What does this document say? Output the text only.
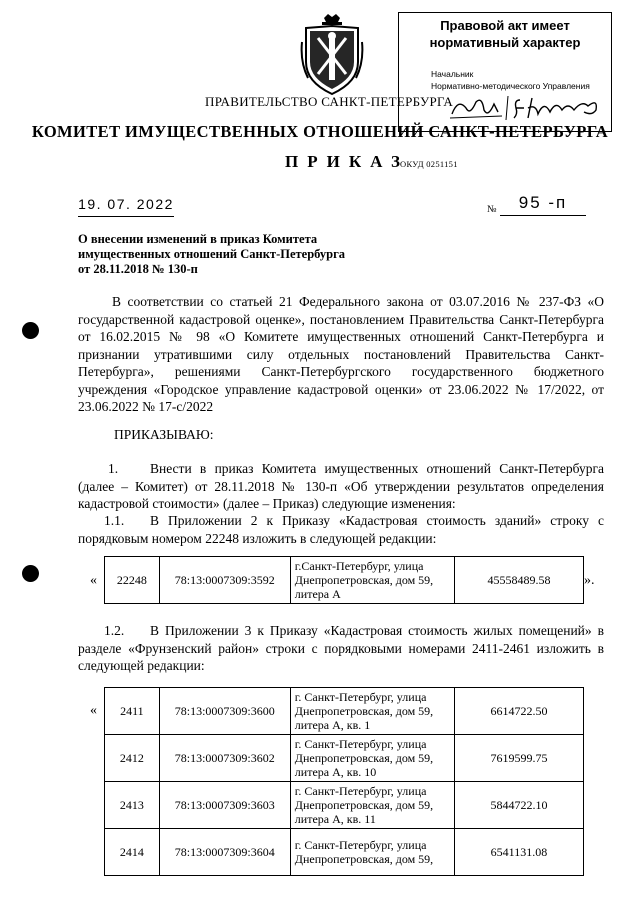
Правовой акт имеет
нормативный характер
Начальник
Нормативно-методического Управления
ПРАВИТЕЛЬСТВО САНКТ-ПЕТЕРБУРГА
КОМИТЕТ ИМУЩЕСТВЕННЫХ ОТНОШЕНИЙ САНКТ-ПЕТЕРБУРГА
ПРИКАЗ
ОКУД 0251151
19. 07. 2022	№	95 -п
О внесении изменений в приказ Комитета
имущественных отношений Санкт-Петербурга
от 28.11.2018 № 130-п
В соответствии со статьей 21 Федерального закона от 03.07.2016 № 237-ФЗ «О государственной кадастровой оценке», постановлением Правительства Санкт-Петербурга от 16.02.2015 № 98 «О Комитете имущественных отношений Санкт-Петербурга и признании утратившими силу отдельных постановлений Правительства Санкт-Петербурга», решениями Санкт-Петербургского государственного бюджетного учреждения «Городское управление кадастровой оценки» от 23.06.2022 № 17/2022, от 23.06.2022 № 17-с/2022
ПРИКАЗЫВАЮ:
1.	Внести в приказ Комитета имущественных отношений Санкт-Петербурга (далее – Комитет) от 28.11.2018 № 130-п «Об утверждении результатов определения кадастровой стоимости» (далее – Приказ) следующие изменения:
1.1.	В Приложении 2 к Приказу «Кадастровая стоимость зданий» строку с порядковым номером 22248 изложить в следующей редакции:
« 22248	78:13:0007309:3592	г.Санкт-Петербург, улица Днепропетровская, дом 59, литера А	45558489.58 ».
1.2.	В Приложении 3 к Приказу «Кадастровая стоимость жилых помещений» в разделе «Фрунзенский район» строки с порядковыми номерами 2411-2461 изложить в следующей редакции:
« 2411	78:13:0007309:3600	г. Санкт-Петербург, улица Днепропетровская, дом 59, литера А, кв. 1	6614722.50
2412	78:13:0007309:3602	г. Санкт-Петербург, улица Днепропетровская, дом 59, литера А, кв. 10	7619599.75
2413	78:13:0007309:3603	г. Санкт-Петербург, улица Днепропетровская, дом 59, литера А, кв. 11	5844722.10
2414	78:13:0007309:3604	г. Санкт-Петербург, улица Днепропетровская, дом 59,	6541131.08
